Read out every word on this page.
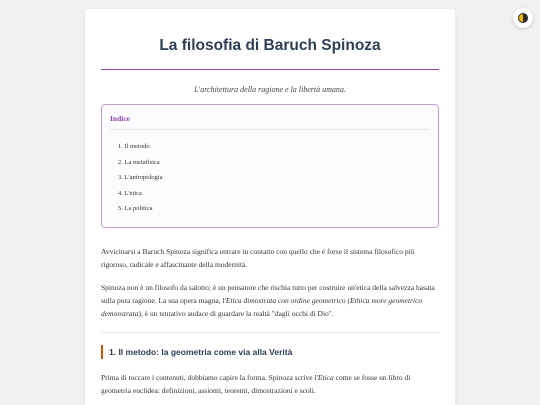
La filosofia di Baruch Spinoza

L'architettura della ragione e la libertà umana.

Indice
1. Il metodo
2. La metafisica
3. L'antropologia
4. L'etica
5. La politica

Avvicinarsi a Baruch Spinoza significa entrare in contatto con quello che è forse il sistema filosofico più rigoroso, radicale e affascinante della modernità.

Spinoza non è un filosofo da salotto; è un pensatore che rischia tutto per costruire un'etica della salvezza basata sulla pura ragione. La sua opera magna, l'Etica dimostrata con ordine geometrico (Ethica more geometrico demonstrata), è un tentativo audace di guardare la realtà "dagli occhi di Dio".

1. Il metodo: la geometria come via alla Verità

Prima di toccare i contenuti, dobbiamo capire la forma. Spinoza scrive l'Etica come se fosse un libro di geometria euclidea: definizioni, assiomi, teoremi, dimostrazioni e scoli.
